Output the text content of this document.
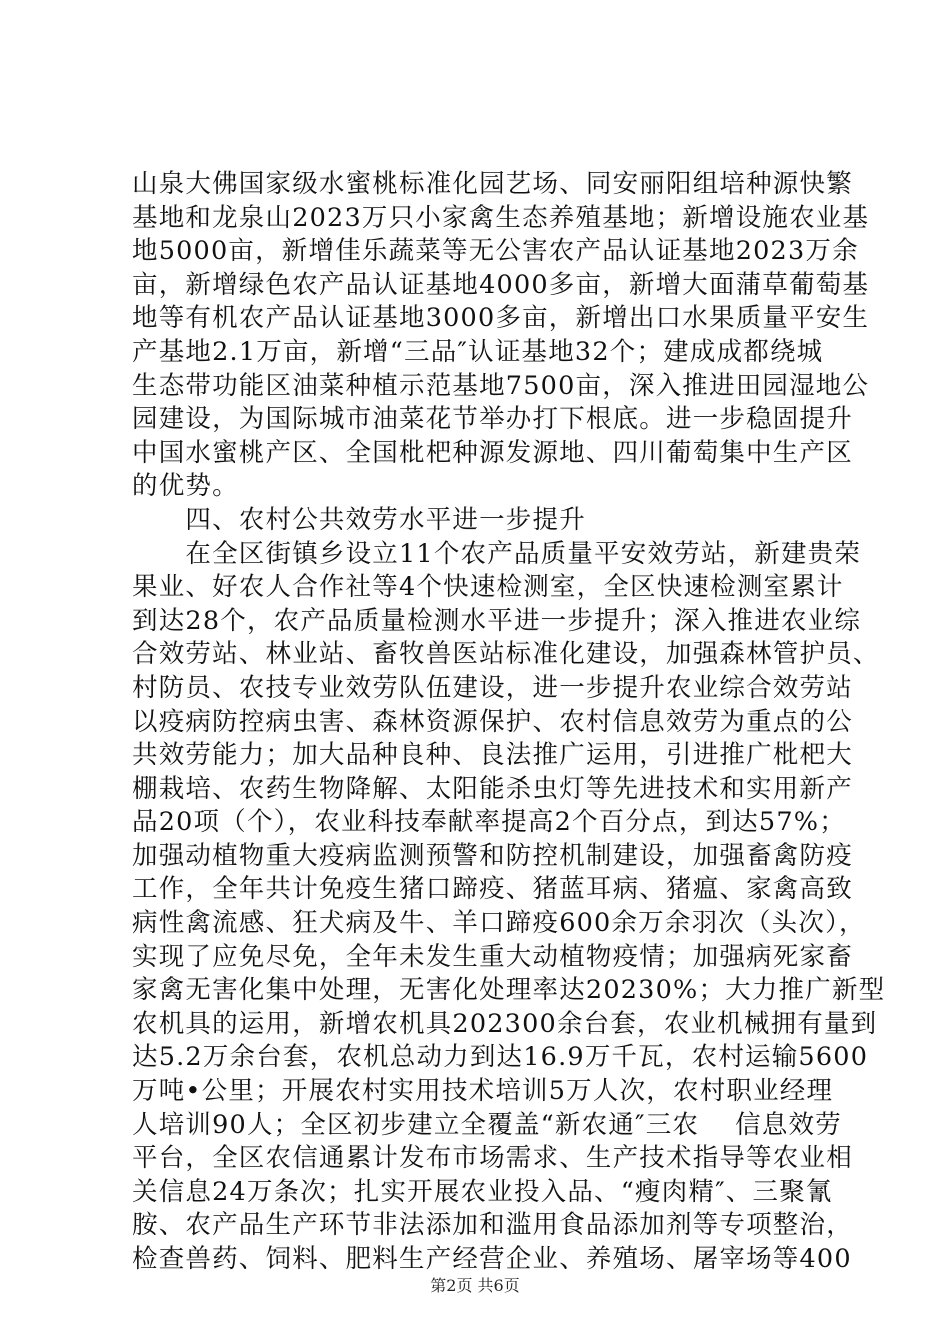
山泉大佛国家级水蜜桃标准化园艺场、同安丽阳组培种源快繁
基地和龙泉山2023万只小家禽生态养殖基地；新增设施农业基
地5000亩，新增佳乐蔬菜等无公害农产品认证基地2023万余
亩，新增绿色农产品认证基地4000多亩，新增大面蒲草葡萄基
地等有机农产品认证基地3000多亩，新增出口水果质量平安生
产基地2.1万亩，新增“三品″认证基地32个；建成成都绕城
生态带功能区油菜种植示范基地7500亩，深入推进田园湿地公
园建设，为国际城市油菜花节举办打下根底。进一步稳固提升
中国水蜜桃产区、全国枇杷种源发源地、四川葡萄集中生产区
的优势。
　　四、农村公共效劳水平进一步提升
　　在全区街镇乡设立11个农产品质量平安效劳站，新建贵荣
果业、好农人合作社等4个快速检测室，全区快速检测室累计
到达28个，农产品质量检测水平进一步提升；深入推进农业综
合效劳站、林业站、畜牧兽医站标准化建设，加强森林管护员、
村防员、农技专业效劳队伍建设，进一步提升农业综合效劳站
以疫病防控病虫害、森林资源保护、农村信息效劳为重点的公
共效劳能力；加大品种良种、良法推广运用，引进推广枇杷大
棚栽培、农药生物降解、太阳能杀虫灯等先进技术和实用新产
品20项（个），农业科技奉献率提高2个百分点，到达57%；
加强动植物重大疫病监测预警和防控机制建设，加强畜禽防疫
工作，全年共计免疫生猪口蹄疫、猪蓝耳病、猪瘟、家禽高致
病性禽流感、狂犬病及牛、羊口蹄疫600余万余羽次（头次），
实现了应免尽免，全年未发生重大动植物疫情；加强病死家畜
家禽无害化集中处理，无害化处理率达20230%；大力推广新型
农机具的运用，新增农机具202300余台套，农业机械拥有量到
达5.2万余台套，农机总动力到达16.9万千瓦，农村运输5600
万吨•公里；开展农村实用技术培训5万人次，农村职业经理
人培训90人；全区初步建立全覆盖“新农通″三农　 信息效劳
平台，全区农信通累计发布市场需求、生产技术指导等农业相
关信息24万条次；扎实开展农业投入品、“瘦肉精″、三聚氰
胺、农产品生产环节非法添加和滥用食品添加剂等专项整治，
检查兽药、饲料、肥料生产经营企业、养殖场、屠宰场等400
第2页 共6页
